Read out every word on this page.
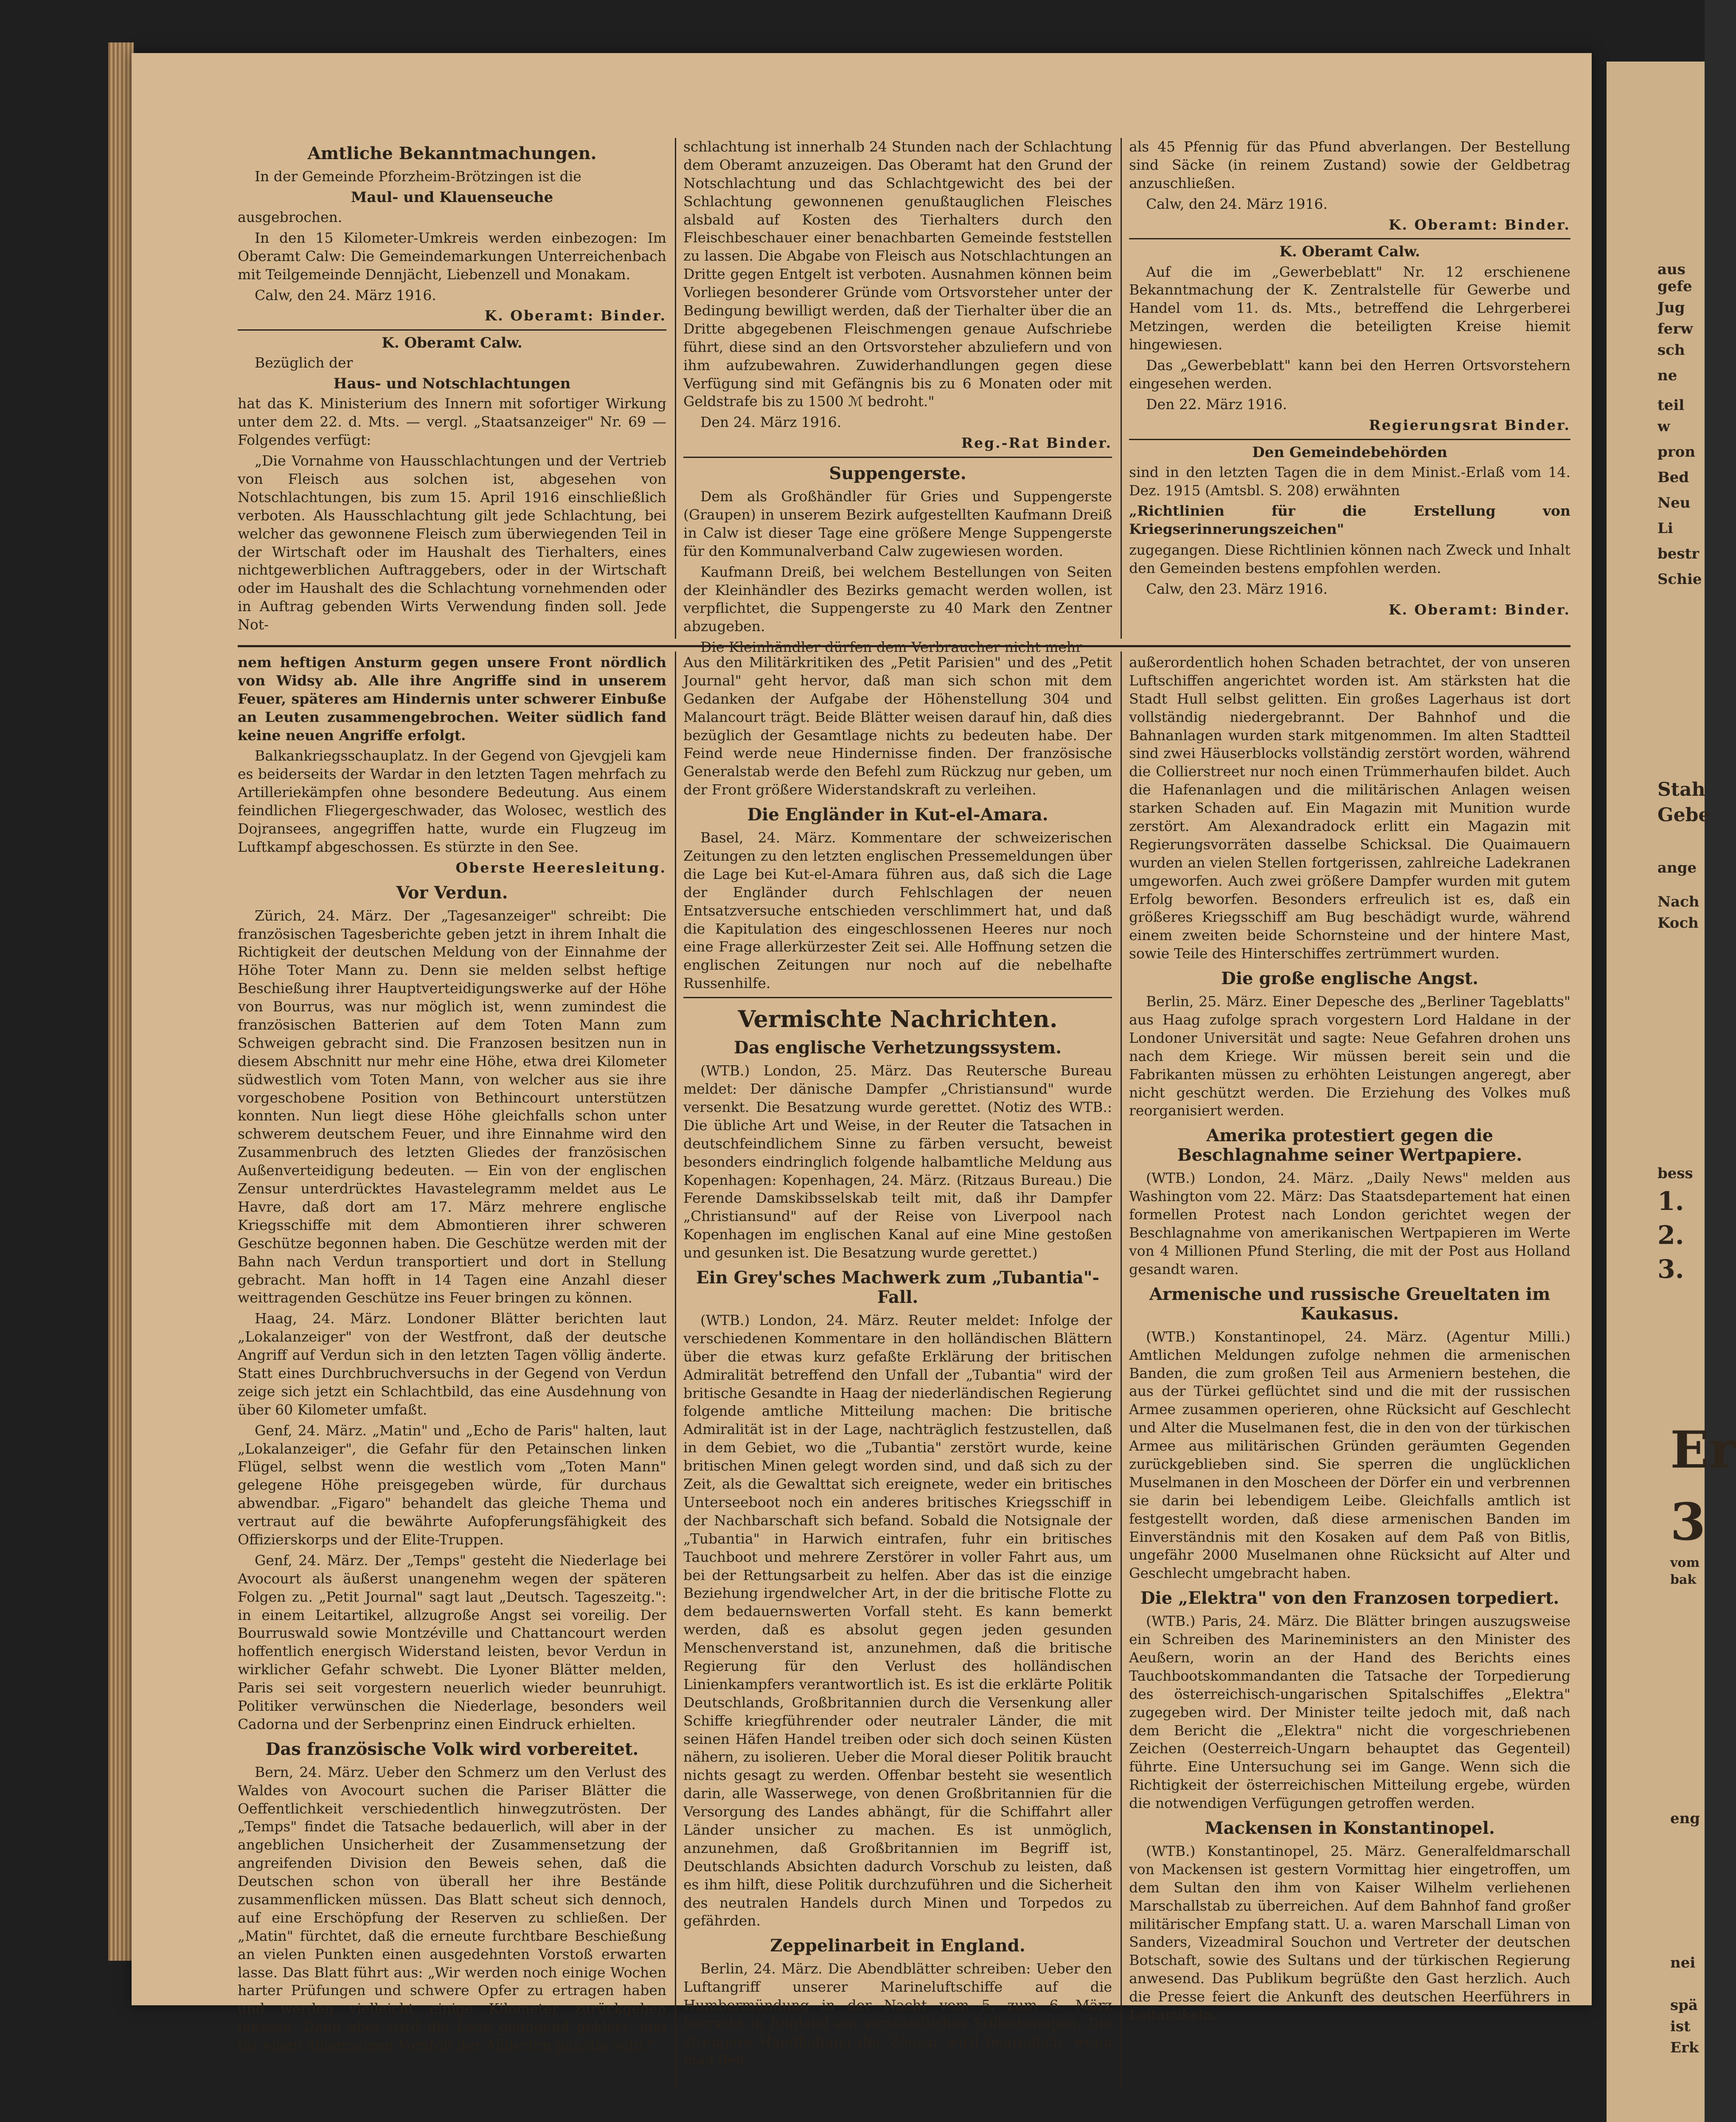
aus
gefe
Jug
ferw
sch
ne
teil
w
pron
Bed
Neu
Li
bestr
Schie
Stah
Gebe
ange
Nach
Koch
bess
1.
2.
3.
Er
3
vom
bak
eng
nei
spä
ist
Erk
Amtliche Bekanntmachungen.

In der Gemeinde Pforzheim-Brötzingen ist die

Maul- und Klauenseuche

ausgebrochen.

In den 15 Kilometer-Umkreis werden einbezogen: Im Oberamt Calw: Die Gemeindemarkungen Unterreichenbach mit Teilgemeinde Dennjächt, Liebenzell und Monakam.

Calw, den 24. März 1916.

K. Oberamt: Binder.
K. Oberamt Calw.

Bezüglich der

Haus- und Notschlachtungen

hat das K. Ministerium des Innern mit sofortiger Wirkung unter dem 22. d. Mts. — vergl. „Staatsanzeiger" Nr. 69 — Folgendes verfügt:

„Die Vornahme von Hausschlachtungen und der Vertrieb von Fleisch aus solchen ist, abgesehen von Notschlachtungen, bis zum 15. April 1916 einschließlich verboten. Als Hausschlachtung gilt jede Schlachtung, bei welcher das gewonnene Fleisch zum überwiegenden Teil in der Wirtschaft oder im Haushalt des Tierhalters, eines nichtgewerblichen Auftraggebers, oder in der Wirtschaft oder im Haushalt des die Schlachtung vornehmenden oder in Auftrag gebenden Wirts Verwendung finden soll. Jede Not-

schlachtung ist innerhalb 24 Stunden nach der Schlachtung dem Oberamt anzuzeigen. Das Oberamt hat den Grund der Notschlachtung und das Schlachtgewicht des bei der Schlachtung gewonnenen genußtauglichen Fleisches alsbald auf Kosten des Tierhalters durch den Fleischbeschauer einer benachbarten Gemeinde feststellen zu lassen. Die Abgabe von Fleisch aus Notschlachtungen an Dritte gegen Entgelt ist verboten. Ausnahmen können beim Vorliegen besonderer Gründe vom Ortsvorsteher unter der Bedingung bewilligt werden, daß der Tierhalter über die an Dritte abgegebenen Fleischmengen genaue Aufschriebe führt, diese sind an den Ortsvorsteher abzuliefern und von ihm aufzubewahren. Zuwiderhandlungen gegen diese Verfügung sind mit Gefängnis bis zu 6 Monaten oder mit Geldstrafe bis zu 1500 ℳ bedroht."

Den 24. März 1916.

Reg.-Rat Binder.
Suppengerste.

Dem als Großhändler für Gries und Suppengerste (Graupen) in unserem Bezirk aufgestellten Kaufmann Dreiß in Calw ist dieser Tage eine größere Menge Suppengerste für den Kommunalverband Calw zugewiesen worden.

Kaufmann Dreiß, bei welchem Bestellungen von Seiten der Kleinhändler des Bezirks gemacht werden wollen, ist verpflichtet, die Suppengerste zu 40 Mark den Zentner abzugeben.

Die Kleinhändler dürfen dem Verbraucher nicht mehr

als 45 Pfennig für das Pfund abverlangen. Der Bestellung sind Säcke (in reinem Zustand) sowie der Geldbetrag anzuschließen.

Calw, den 24. März 1916.

K. Oberamt: Binder.
K. Oberamt Calw.

Auf die im „Gewerbeblatt" Nr. 12 erschienene Bekanntmachung der K. Zentralstelle für Gewerbe und Handel vom 11. ds. Mts., betreffend die Lehrgerberei Metzingen, werden die beteiligten Kreise hiemit hingewiesen.

Das „Gewerbeblatt" kann bei den Herren Ortsvorstehern eingesehen werden.

Den 22. März 1916.

Regierungsrat Binder.
Den Gemeindebehörden

sind in den letzten Tagen die in dem Minist.-Erlaß vom 14. Dez. 1915 (Amtsbl. S. 208) erwähnten

„Richtlinien für die Erstellung von Kriegserinnerungszeichen"

zugegangen. Diese Richtlinien können nach Zweck und Inhalt den Gemeinden bestens empfohlen werden.

Calw, den 23. März 1916.

K. Oberamt: Binder.

nem heftigen Ansturm gegen unsere Front nördlich von Widsy ab. Alle ihre Angriffe sind in unserem Feuer, späteres am Hindernis unter schwerer Einbuße an Leuten zusammengebrochen. Weiter südlich fand keine neuen Angriffe erfolgt.

Balkankriegsschauplatz. In der Gegend von Gjevgjeli kam es beiderseits der Wardar in den letzten Tagen mehrfach zu Artilleriekämpfen ohne besondere Bedeutung. Aus einem feindlichen Fliegergeschwader, das Wolosec, westlich des Dojransees, angegriffen hatte, wurde ein Flugzeug im Luftkampf abgeschossen. Es stürzte in den See.

Oberste Heeresleitung.
Vor Verdun.

Zürich, 24. März. Der „Tagesanzeiger" schreibt: Die französischen Tagesberichte geben jetzt in ihrem Inhalt die Richtigkeit der deutschen Meldung von der Einnahme der Höhe Toter Mann zu. Denn sie melden selbst heftige Beschießung ihrer Hauptverteidigungswerke auf der Höhe von Bourrus, was nur möglich ist, wenn zumindest die französischen Batterien auf dem Toten Mann zum Schweigen gebracht sind. Die Franzosen besitzen nun in diesem Abschnitt nur mehr eine Höhe, etwa drei Kilometer südwestlich vom Toten Mann, von welcher aus sie ihre vorgeschobene Position von Bethincourt unterstützen konnten. Nun liegt diese Höhe gleichfalls schon unter schwerem deutschem Feuer, und ihre Einnahme wird den Zusammenbruch des letzten Gliedes der französischen Außenverteidigung bedeuten. — Ein von der englischen Zensur unterdrücktes Havastelegramm meldet aus Le Havre, daß dort am 17. März mehrere englische Kriegsschiffe mit dem Abmontieren ihrer schweren Geschütze begonnen haben. Die Geschütze werden mit der Bahn nach Verdun transportiert und dort in Stellung gebracht. Man hofft in 14 Tagen eine Anzahl dieser weittragenden Geschütze ins Feuer bringen zu können.

Haag, 24. März. Londoner Blätter berichten laut „Lokalanzeiger" von der Westfront, daß der deutsche Angriff auf Verdun sich in den letzten Tagen völlig änderte. Statt eines Durchbruchversuchs in der Gegend von Verdun zeige sich jetzt ein Schlachtbild, das eine Ausdehnung von über 60 Kilometer umfaßt.

Genf, 24. März. „Matin" und „Echo de Paris" halten, laut „Lokalanzeiger", die Gefahr für den Petainschen linken Flügel, selbst wenn die westlich vom „Toten Mann" gelegene Höhe preisgegeben würde, für durchaus abwendbar. „Figaro" behandelt das gleiche Thema und vertraut auf die bewährte Aufopferungsfähigkeit des Offizierskorps und der Elite-Truppen.

Genf, 24. März. Der „Temps" gesteht die Niederlage bei Avocourt als äußerst unangenehm wegen der späteren Folgen zu. „Petit Journal" sagt laut „Deutsch. Tageszeitg.": in einem Leitartikel, allzugroße Angst sei voreilig. Der Bourruswald sowie Montzéville und Chattancourt werden hoffentlich energisch Widerstand leisten, bevor Verdun in wirklicher Gefahr schwebt. Die Lyoner Blätter melden, Paris sei seit vorgestern neuerlich wieder beunruhigt. Politiker verwünschen die Niederlage, besonders weil Cadorna und der Serbenprinz einen Eindruck erhielten.

Das französische Volk wird vorbereitet.

Bern, 24. März. Ueber den Schmerz um den Verlust des Waldes von Avocourt suchen die Pariser Blätter die Oeffentlichkeit verschiedentlich hinwegzutrösten. Der „Temps" findet die Tatsache bedauerlich, will aber in der angeblichen Unsicherheit der Zusammensetzung der angreifenden Division den Beweis sehen, daß die Deutschen schon von überall her ihre Bestände zusammenflicken müssen. Das Blatt scheut sich dennoch, auf eine Erschöpfung der Reserven zu schließen. Der „Matin" fürchtet, daß die erneute furchtbare Beschießung an vielen Punkten einen ausgedehnten Vorstoß erwarten lasse. Das Blatt führt aus: „Wir werden noch einige Wochen harter Prüfungen und schwere Opfer zu ertragen haben und werden vielleicht einige Kilometer zurückgehen müssen. Dann aber wird die Lage genügend geklärt, und für einen allgemeinen Vorstoß der Alliierten günstig sein."

Aus den Militärkritiken des „Petit Parisien" und des „Petit Journal" geht hervor, daß man sich schon mit dem Gedanken der Aufgabe der Höhenstellung 304 und Malancourt trägt. Beide Blätter weisen darauf hin, daß dies bezüglich der Gesamtlage nichts zu bedeuten habe. Der Feind werde neue Hindernisse finden. Der französische Generalstab werde den Befehl zum Rückzug nur geben, um der Front größere Widerstandskraft zu verleihen.

Die Engländer in Kut-el-Amara.

Basel, 24. März. Kommentare der schweizerischen Zeitungen zu den letzten englischen Pressemeldungen über die Lage bei Kut-el-Amara führen aus, daß sich die Lage der Engländer durch Fehlschlagen der neuen Entsatzversuche entschieden verschlimmert hat, und daß die Kapitulation des eingeschlossenen Heeres nur noch eine Frage allerkürzester Zeit sei. Alle Hoffnung setzen die englischen Zeitungen nur noch auf die nebelhafte Russenhilfe.

Vermischte Nachrichten.
Das englische Verhetzungssystem.

(WTB.) London, 25. März. Das Reutersche Bureau meldet: Der dänische Dampfer „Christiansund" wurde versenkt. Die Besatzung wurde gerettet. (Notiz des WTB.: Die übliche Art und Weise, in der Reuter die Tatsachen in deutschfeindlichem Sinne zu färben versucht, beweist besonders eindringlich folgende halbamtliche Meldung aus Kopenhagen: Kopenhagen, 24. März. (Ritzaus Bureau.) Die Ferende Damskibsselskab teilt mit, daß ihr Dampfer „Christiansund" auf der Reise von Liverpool nach Kopenhagen im englischen Kanal auf eine Mine gestoßen und gesunken ist. Die Besatzung wurde gerettet.)

Ein Grey'sches Machwerk zum „Tubantia"-Fall.

(WTB.) London, 24. März. Reuter meldet: Infolge der verschiedenen Kommentare in den holländischen Blättern über die etwas kurz gefaßte Erklärung der britischen Admiralität betreffend den Unfall der „Tubantia" wird der britische Gesandte in Haag der niederländischen Regierung folgende amtliche Mitteilung machen: Die britische Admiralität ist in der Lage, nachträglich festzustellen, daß in dem Gebiet, wo die „Tubantia" zerstört wurde, keine britischen Minen gelegt worden sind, und daß sich zu der Zeit, als die Gewalttat sich ereignete, weder ein britisches Unterseeboot noch ein anderes britisches Kriegsschiff in der Nachbarschaft sich befand. Sobald die Notsignale der „Tubantia" in Harwich eintrafen, fuhr ein britisches Tauchboot und mehrere Zerstörer in voller Fahrt aus, um bei der Rettungsarbeit zu helfen. Aber das ist die einzige Beziehung irgendwelcher Art, in der die britische Flotte zu dem bedauernswerten Vorfall steht. Es kann bemerkt werden, daß es absolut gegen jeden gesunden Menschenverstand ist, anzunehmen, daß die britische Regierung für den Verlust des holländischen Linienkampfers verantwortlich ist. Es ist die erklärte Politik Deutschlands, Großbritannien durch die Versenkung aller Schiffe kriegführender oder neutraler Länder, die mit seinen Häfen Handel treiben oder sich doch seinen Küsten nähern, zu isolieren. Ueber die Moral dieser Politik braucht nichts gesagt zu werden. Offenbar besteht sie wesentlich darin, alle Wasserwege, von denen Großbritannien für die Versorgung des Landes abhängt, für die Schiffahrt aller Länder unsicher zu machen. Es ist unmöglich, anzunehmen, daß Großbritannien im Begriff ist, Deutschlands Absichten dadurch Vorschub zu leisten, daß es ihm hilft, diese Politik durchzuführen und die Sicherheit des neutralen Handels durch Minen und Torpedos zu gefährden.

Zeppelinarbeit in England.

Berlin, 24. März. Die Abendblätter schreiben: Ueber den Luftangriff unserer Marineluftschiffe auf die Humbermündung in der Nacht vom 5. zum 6. März herrscht in England ein verständliches Stillschweigen. Die strengere Handhabung der Zensur wird begreiflich, wenn man den

außerordentlich hohen Schaden betrachtet, der von unseren Luftschiffen angerichtet worden ist. Am stärksten hat die Stadt Hull selbst gelitten. Ein großes Lagerhaus ist dort vollständig niedergebrannt. Der Bahnhof und die Bahnanlagen wurden stark mitgenommen. Im alten Stadtteil sind zwei Häuserblocks vollständig zerstört worden, während die Collierstreet nur noch einen Trümmerhaufen bildet. Auch die Hafenanlagen und die militärischen Anlagen weisen starken Schaden auf. Ein Magazin mit Munition wurde zerstört. Am Alexandradock erlitt ein Magazin mit Regierungsvorräten dasselbe Schicksal. Die Quaimauern wurden an vielen Stellen fortgerissen, zahlreiche Ladekranen umgeworfen. Auch zwei größere Dampfer wurden mit gutem Erfolg beworfen. Besonders erfreulich ist es, daß ein größeres Kriegsschiff am Bug beschädigt wurde, während einem zweiten beide Schornsteine und der hintere Mast, sowie Teile des Hinterschiffes zertrümmert wurden.

Die große englische Angst.

Berlin, 25. März. Einer Depesche des „Berliner Tageblatts" aus Haag zufolge sprach vorgestern Lord Haldane in der Londoner Universität und sagte: Neue Gefahren drohen uns nach dem Kriege. Wir müssen bereit sein und die Fabrikanten müssen zu erhöhten Leistungen angeregt, aber nicht geschützt werden. Die Erziehung des Volkes muß reorganisiert werden.

Amerika protestiert gegen die Beschlagnahme seiner Wertpapiere.

(WTB.) London, 24. März. „Daily News" melden aus Washington vom 22. März: Das Staatsdepartement hat einen formellen Protest nach London gerichtet wegen der Beschlagnahme von amerikanischen Wertpapieren im Werte von 4 Millionen Pfund Sterling, die mit der Post aus Holland gesandt waren.

Armenische und russische Greueltaten im Kaukasus.

(WTB.) Konstantinopel, 24. März. (Agentur Milli.) Amtlichen Meldungen zufolge nehmen die armenischen Banden, die zum großen Teil aus Armeniern bestehen, die aus der Türkei geflüchtet sind und die mit der russischen Armee zusammen operieren, ohne Rücksicht auf Geschlecht und Alter die Muselmanen fest, die in den von der türkischen Armee aus militärischen Gründen geräumten Gegenden zurückgeblieben sind. Sie sperren die unglücklichen Muselmanen in den Moscheen der Dörfer ein und verbrennen sie darin bei lebendigem Leibe. Gleichfalls amtlich ist festgestellt worden, daß diese armenischen Banden im Einverständnis mit den Kosaken auf dem Paß von Bitlis, ungefähr 2000 Muselmanen ohne Rücksicht auf Alter und Geschlecht umgebracht haben.

Die „Elektra" von den Franzosen torpediert.

(WTB.) Paris, 24. März. Die Blätter bringen auszugsweise ein Schreiben des Marineministers an den Minister des Aeußern, worin an der Hand des Berichts eines Tauchbootskommandanten die Tatsache der Torpedierung des österreichisch-ungarischen Spitalschiffes „Elektra" zugegeben wird. Der Minister teilte jedoch mit, daß nach dem Bericht die „Elektra" nicht die vorgeschriebenen Zeichen (Oesterreich-Ungarn behauptet das Gegenteil) führte. Eine Untersuchung sei im Gange. Wenn sich die Richtigkeit der österreichischen Mitteilung ergebe, würden die notwendigen Verfügungen getroffen werden.

Mackensen in Konstantinopel.

(WTB.) Konstantinopel, 25. März. Generalfeldmarschall von Mackensen ist gestern Vormittag hier eingetroffen, um dem Sultan den ihm von Kaiser Wilhelm verliehenen Marschallstab zu überreichen. Auf dem Bahnhof fand großer militärischer Empfang statt. U. a. waren Marschall Liman von Sanders, Vizeadmiral Souchon und Vertreter der deutschen Botschaft, sowie des Sultans und der türkischen Regierung anwesend. Das Publikum begrüßte den Gast herzlich. Auch die Presse feiert die Ankunft des deutschen Heerführers in Leitartikeln.
